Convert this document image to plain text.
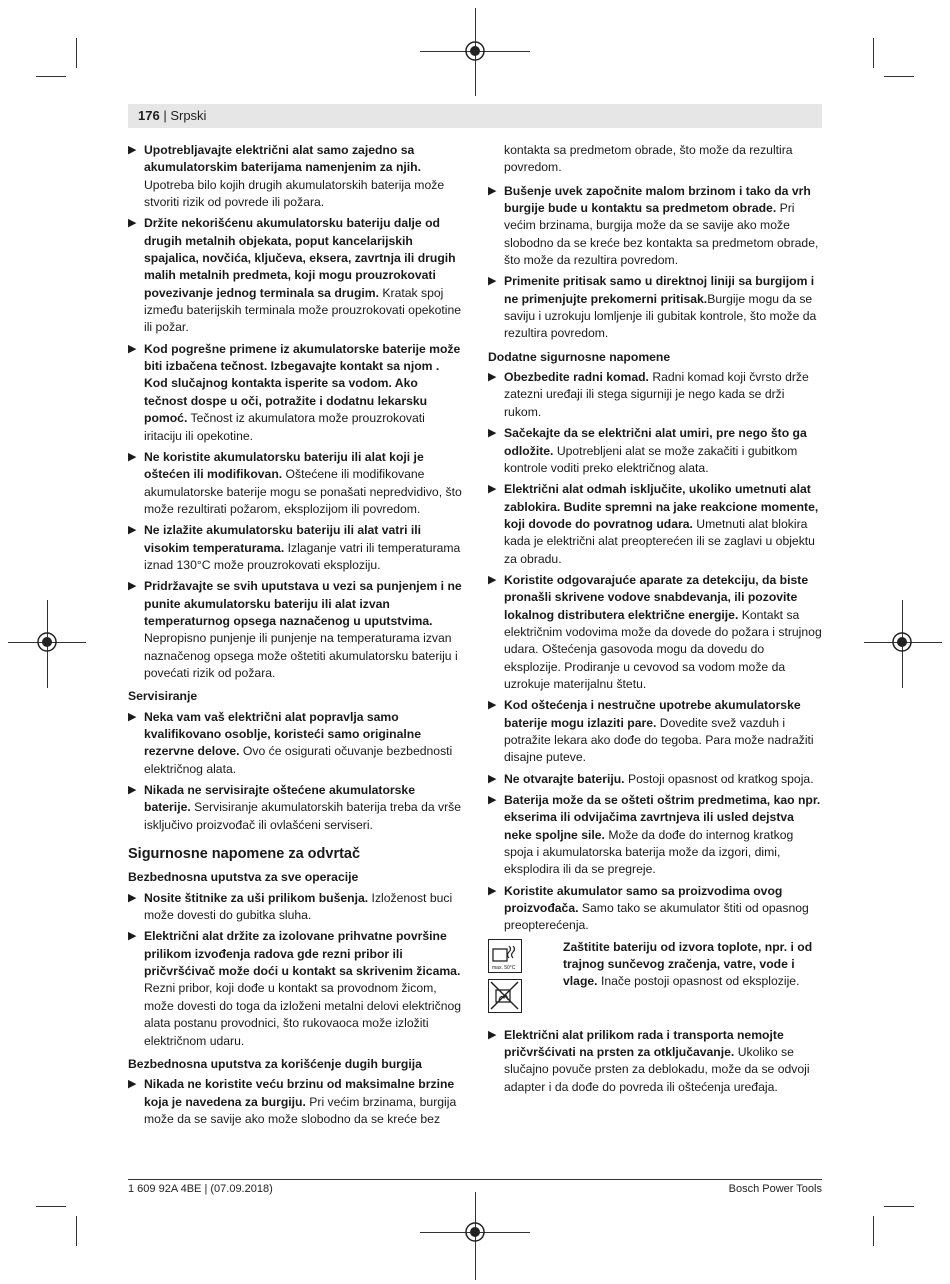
176 | Srpski
▶ Upotrebljavajte električni alat samo zajedno sa akumulatorskim baterijama namenjenim za njih. Upotreba bilo kojih drugih akumulatorskih baterija može stvoriti rizik od povrede ili požara.
▶ Držite nekorišćenu akumulatorsku bateriju dalje od drugih metalnih objekata, poput kancelarijskih spajalica, novčića, ključeva, eksera, zavrtnja ili drugih malih metalnih predmeta, koji mogu prouzrokovati povezivanje jednog terminala sa drugim. Kratak spoj između baterijskih terminala može prouzrokovati opekotine ili požar.
▶ Kod pogrešne primene iz akumulatorske baterije može biti izbačena tečnost. Izbegavajte kontakt sa njom . Kod slučajnog kontakta isperite sa vodom. Ako tečnost dospe u oči, potražite i dodatnu lekarsku pomoć. Tečnost iz akumulatora može prouzrokovati iritaciju ili opekotine.
▶ Ne koristite akumulatorsku bateriju ili alat koji je oštećen ili modifikovan. Oštećene ili modifikovane akumulatorske baterije mogu se ponašati nepredvidivo, što može rezultirati požarom, eksplozijom ili povredom.
▶ Ne izlažite akumulatorsku bateriju ili alat vatri ili visokim temperaturama. Izlaganje vatri ili temperaturama iznad 130°C može prouzrokovati eksploziju.
▶ Pridržavajte se svih uputstava u vezi sa punjenjem i ne punite akumulatorsku bateriju ili alat izvan temperaturnog opsega naznačenog u uputstvima. Nepropisno punjenje ili punjenje na temperaturama izvan naznačenog opsega može oštetiti akumulatorsku bateriju i povećati rizik od požara.
Servisiranje
▶ Neka vam vaš električni alat popravlja samo kvalifikovano osoblje, koristeći samo originalne rezervne delove. Ovo će osigurati očuvanje bezbednosti električnog alata.
▶ Nikada ne servisirajte oštećene akumulatorske baterije. Servisiranje akumulatorskih baterija treba da vrše isključivo proizvođač ili ovlašćeni serviseri.
Sigurnosne napomene za odvrtač
Bezbednosna uputstva za sve operacije
▶ Nosite štitnike za uši prilikom bušenja. Izloženost buci može dovesti do gubitka sluha.
▶ Električni alat držite za izolovane prihvatne površine prilikom izvođenja radova gde rezni pribor ili pričvršćivač može doći u kontakt sa skrivenim žicama. Rezni pribor, koji dođe u kontakt sa provodnom žicom, može dovesti do toga da izloženi metalni delovi električnog alata postanu provodnici, što rukovaoca može izložiti električnom udaru.
Bezbednosna uputstva za korišćenje dugih burgija
▶ Nikada ne koristite veću brzinu od maksimalne brzine koja je navedena za burgiju. Pri većim brzinama, burgija može da se savije ako može slobodno da se kreće bez
kontakta sa predmetom obrade, što može da rezultira povredom.
▶ Bušenje uvek započnite malom brzinom i tako da vrh burgije bude u kontaktu sa predmetom obrade. Pri većim brzinama, burgija može da se savije ako može slobodno da se kreće bez kontakta sa predmetom obrade, što može da rezultira povredom.
▶ Primenite pritisak samo u direktnoj liniji sa burgijom i ne primenjujte prekomerni pritisak.Burgije mogu da se saviju i uzrokuju lomljenje ili gubitak kontrole, što može da rezultira povredom.
Dodatne sigurnosne napomene
▶ Obezbedite radni komad. Radni komad koji čvrsto drže zatezni uređaji ili stega sigurniji je nego kada se drži rukom.
▶ Sačekajte da se električni alat umiri, pre nego što ga odložite. Upotrebljeni alat se može zakačiti i gubitkom kontrole voditi preko električnog alata.
▶ Električni alat odmah isključite, ukoliko umetnuti alat zablokira. Budite spremni na jake reakcione momente, koji dovode do povratnog udara. Umetnuti alat blokira kada je električni alat preopterećen ili se zaglavi u objektu za obradu.
▶ Koristite odgovarajuće aparate za detekciju, da biste pronašli skrivene vodove snabdevanja, ili pozovite lokalnog distributera električne energije. Kontakt sa električnim vodovima može da dovede do požara i strujnog udara. Oštećenja gasovoda mogu da dovedu do eksplozije. Prodiranje u cevovod sa vodom može da uzrokuje materijalnu štetu.
▶ Kod oštećenja i nestručne upotrebe akumulatorske baterije mogu izlaziti pare. Dovedite svež vazduh i potražite lekara ako dođe do tegoba. Para može nadražiti disajne puteve.
▶ Ne otvarajte bateriju. Postoji opasnost od kratkog spoja.
▶ Baterija može da se ošteti oštrim predmetima, kao npr. ekserima ili odvijačima zavrtnjeva ili usled dejstva neke spoljne sile. Može da dođe do internog kratkog spoja i akumulatorska baterija može da izgori, dimi, eksplodira ili da se pregreje.
▶ Koristite akumulator samo sa proizvodima ovog proizvođača. Samo tako se akumulator štiti od opasnog preopterećenja.
max. 50°C
Zaštitite bateriju od izvora toplote, npr. i od trajnog sunčevog zračenja, vatre, vode i vlage. Inače postoji opasnost od eksplozije.
▶ Električni alat prilikom rada i transporta nemojte pričvršćivati na prsten za otključavanje. Ukoliko se slučajno povuče prsten za deblokadu, može da se odvoji adapter i da dođe do povreda ili oštećenja uređaja.
1 609 92A 4BE | (07.09.2018)	Bosch Power Tools
